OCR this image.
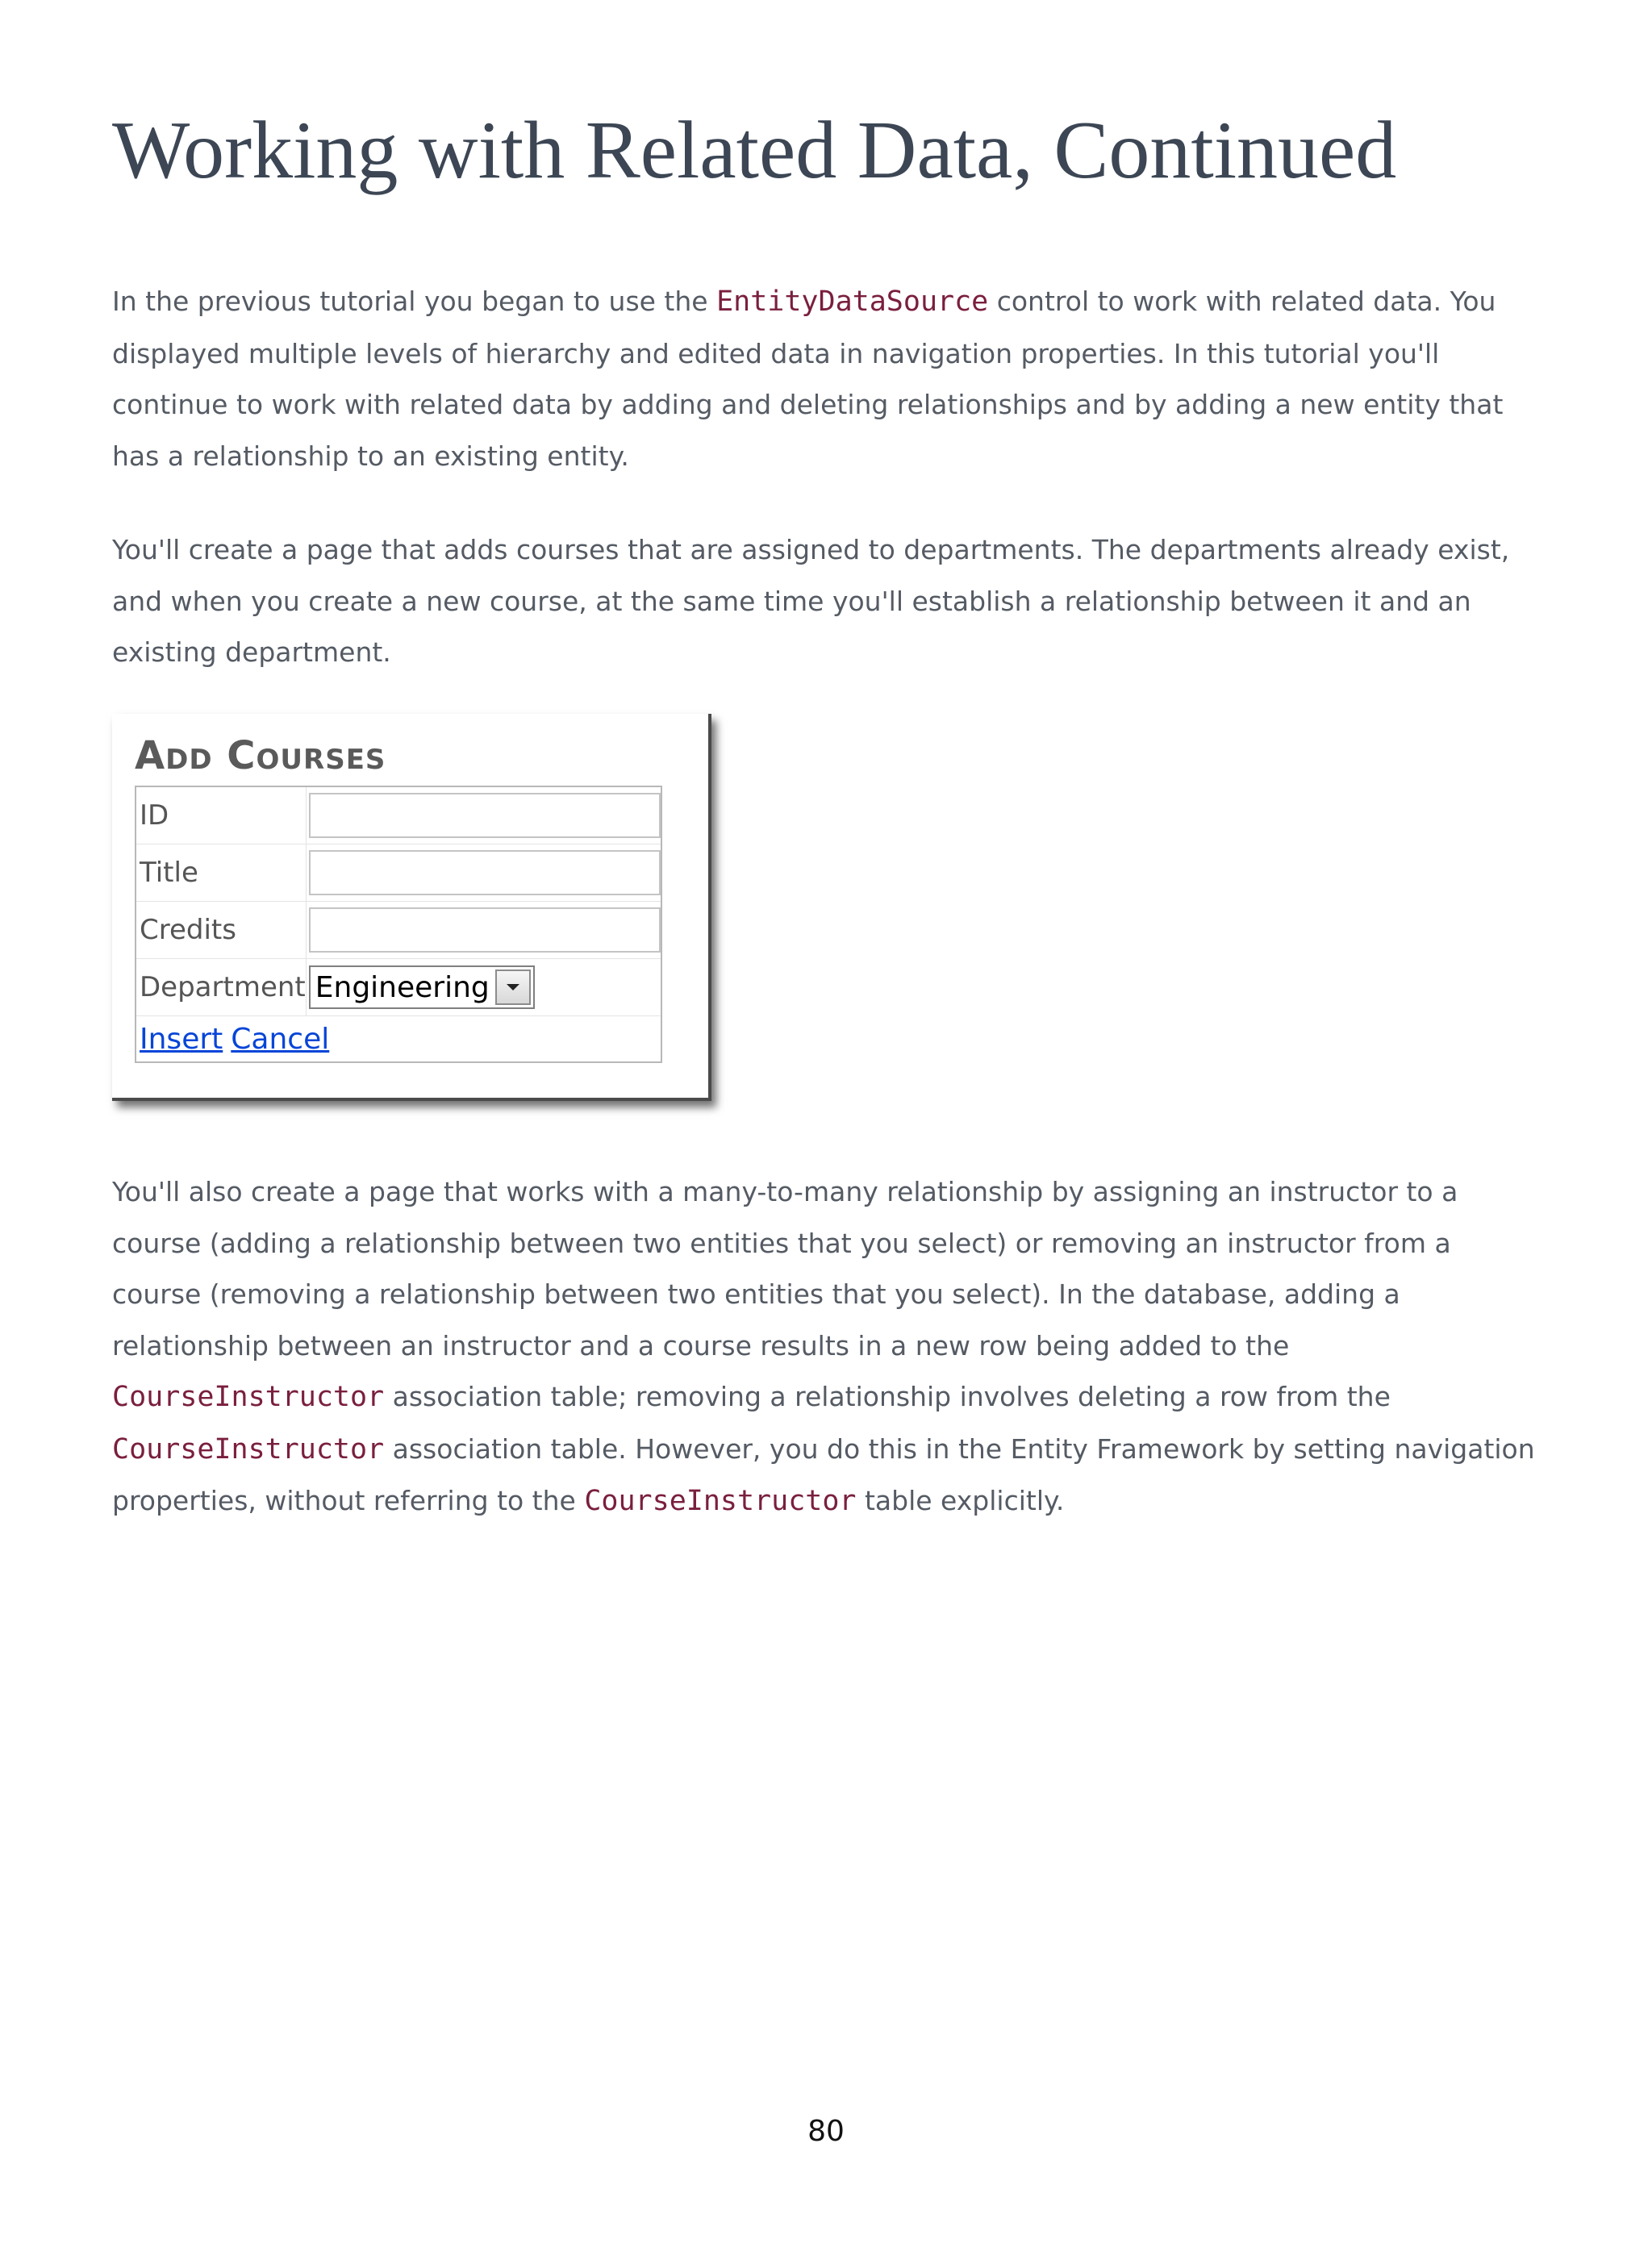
Working with Related Data, Continued

In the previous tutorial you began to use the EntityDataSource control to work with related data. You displayed multiple levels of hierarchy and edited data in navigation properties. In this tutorial you'll continue to work with related data by adding and deleting relationships and by adding a new entity that has a relationship to an existing entity.

You'll create a page that adds courses that are assigned to departments. The departments already exist, and when you create a new course, at the same time you'll establish a relationship between it and an existing department.

Add Courses
ID	

Title	

Credits	

Department	Engineering

Insert Cancel	

You'll also create a page that works with a many-to-many relationship by assigning an instructor to a course (adding a relationship between two entities that you select) or removing an instructor from a course (removing a relationship between two entities that you select). In the database, adding a relationship between an instructor and a course results in a new row being added to the CourseInstructor association table; removing a relationship involves deleting a row from the CourseInstructor association table. However, you do this in the Entity Framework by setting navigation properties, without referring to the CourseInstructor table explicitly.

80
